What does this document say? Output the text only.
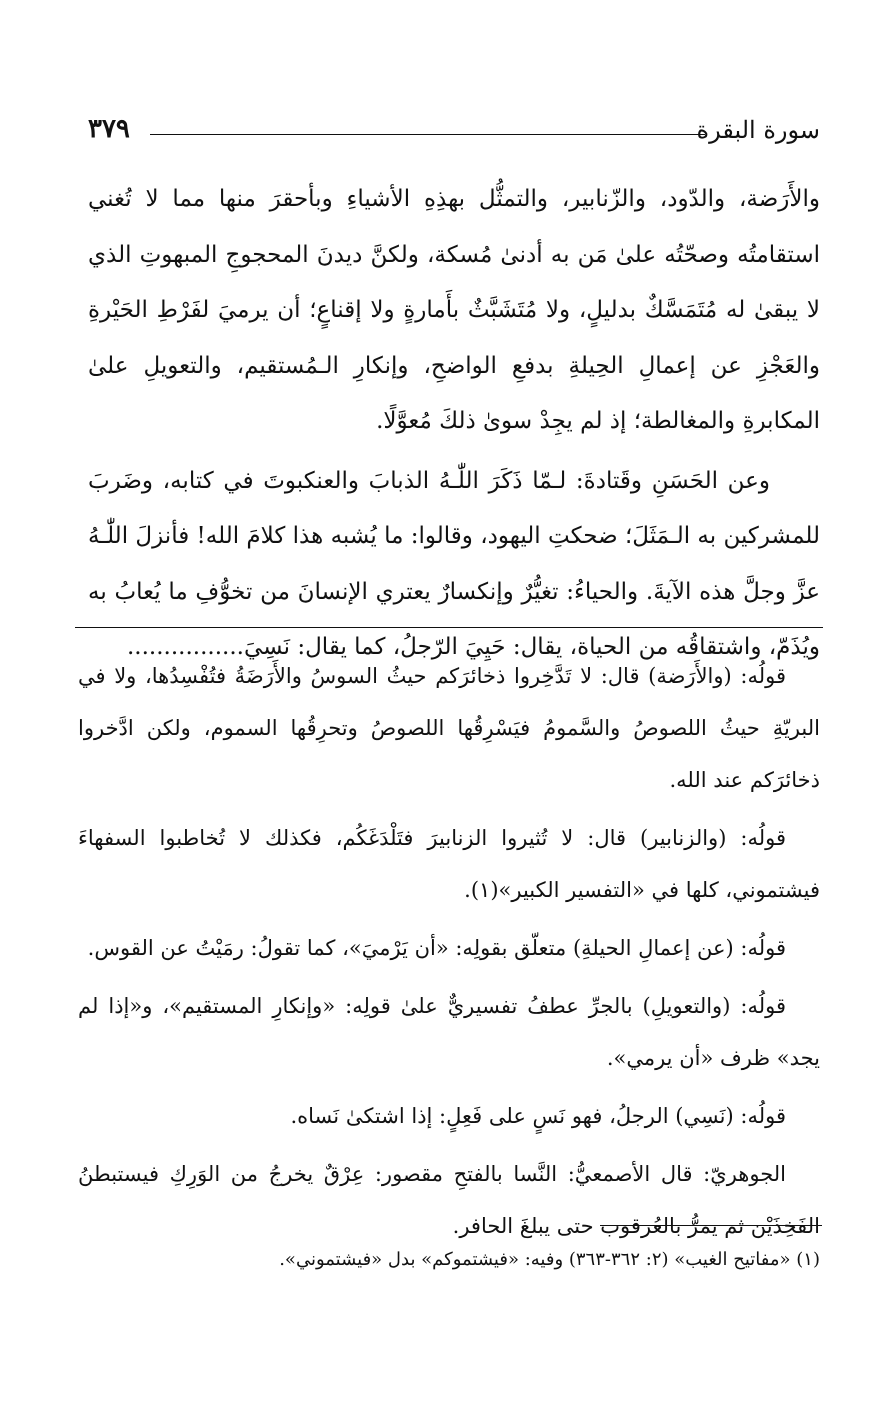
٣٧٩	سورة البقرة

والأَرَضة، والدّود، والزّنابير، والتمثُّل بهذِهِ الأشياءِ وبأحقرَ منها مما لا تُغني استقامتُه وصحّتُه علىٰ مَن به أدنىٰ مُسكة، ولكنَّ ديدنَ المحجوجِ المبهوتِ الذي لا يبقىٰ له مُتَمَسَّكٌ بدليلٍ، ولا مُتَشَبَّثٌ بأَمارةٍ ولا إقناعٍ؛ أن يرميَ لفَرْطِ الحَيْرةِ والعَجْزِ عن إعمالِ الحِيلةِ بدفعِ الواضحِ، وإنكارِ الـمُستقيم، والتعويلِ علىٰ المكابرةِ والمغالطة؛ إذ لم يجِدْ سوىٰ ذلكَ مُعوَّلًا.

وعن الحَسَنِ وقَتادةَ: لـمّا ذَكَرَ اللّٰـهُ الذبابَ والعنكبوتَ في كتابه، وضَربَ للمشركين به الـمَثَلَ؛ ضحكتِ اليهود، وقالوا: ما يُشبه هذا كلامَ الله! فأنزلَ اللّٰـهُ عزَّ وجلَّ هذه الآيةَ. والحياءُ: تغيُّرٌ وإنكسارٌ يعتري الإنسانَ من تخوُّفِ ما يُعابُ به ويُذَمّ، واشتقاقُه من الحياة، يقال: حَيِيَ الرّجلُ، كما يقال: نَسِيَ................

قولُه: (والأَرَضة) قال: لا تَدَّخِروا ذخائرَكم حيثُ السوسُ والأَرَضَةُ فتُفْسِدُها، ولا في البريّةِ حيثُ اللصوصُ والسَّمومُ فيَسْرِقُها اللصوصُ وتحرِقُها السموم، ولكن ادَّخروا ذخائرَكم عند الله.

قولُه: (والزنابير) قال: لا تُثيروا الزنابيرَ فتَلْدَغَكُم، فكذلك لا تُخاطبوا السفهاءَ فيشتموني، كلها في «التفسير الكبير»(١).

قولُه: (عن إعمالِ الحيلةِ) متعلّق بقولِه: «أن يَرْميَ»، كما تقولُ: رمَيْتُ عن القوس.

قولُه: (والتعويلِ) بالجرِّ عطفُ تفسيريٌّ علىٰ قولِه: «وإنكارِ المستقيم»، و«إذا لم يجد» ظرف «أن يرمي».

قولُه: (نَسِي) الرجلُ، فهو نَسٍ على فَعِلٍ: إذا اشتكىٰ نَساه.

الجوهريّ: قال الأصمعيُّ: النَّسا بالفتحِ مقصور: عِرْقٌ يخرجُ من الوَرِكِ فيستبطنُ الفَخِذَيْن ثم يمرُّ بالعُرقوب حتى يبلغَ الحافر.

(١) «مفاتيح الغيب» (٢: ٣٦٢-٣٦٣) وفيه: «فيشتموكم» بدل «فيشتموني».
